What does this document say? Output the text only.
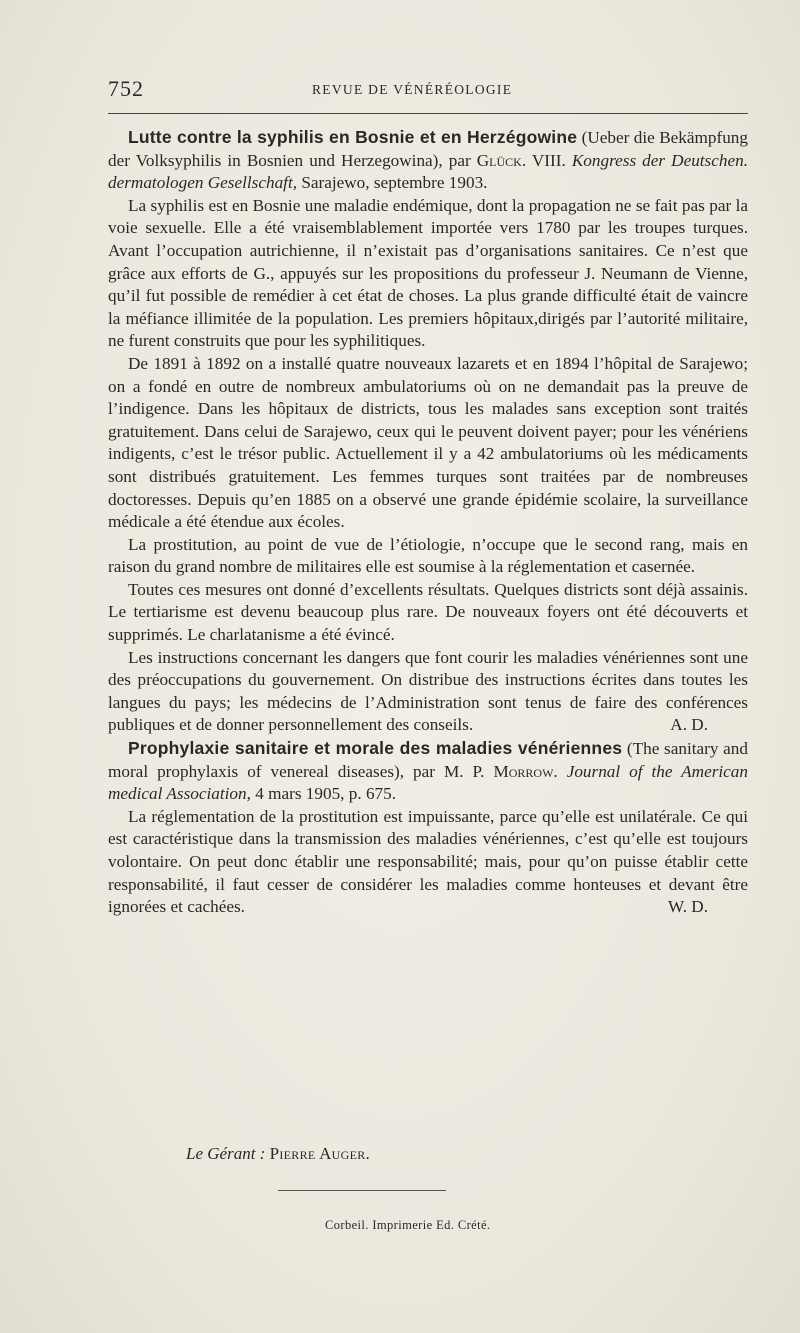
752	REVUE DE VÉNÉRÉOLOGIE

Lutte contre la syphilis en Bosnie et en Herzégowine (Ueber die Bekämpfung der Volksyphilis in Bosnien und Herzegowina), par Glück. VIII. Kongress der Deutschen. dermatologen Gesellschaft, Sarajewo, septembre 1903.

La syphilis est en Bosnie une maladie endémique, dont la propagation ne se fait pas par la voie sexuelle. Elle a été vraisemblablement importée vers 1780 par les troupes turques. Avant l’occupation autrichienne, il n’existait pas d’organisations sanitaires. Ce n’est que grâce aux efforts de G., appuyés sur les propositions du professeur J. Neumann de Vienne, qu’il fut possible de remédier à cet état de choses. La plus grande difficulté était de vaincre la méfiance illimitée de la population. Les premiers hôpitaux,dirigés par l’autorité militaire, ne furent construits que pour les syphilitiques.

De 1891 à 1892 on a installé quatre nouveaux lazarets et en 1894 l’hôpital de Sarajewo; on a fondé en outre de nombreux ambulatoriums où on ne demandait pas la preuve de l’indigence. Dans les hôpitaux de districts, tous les malades sans exception sont traités gratuitement. Dans celui de Sarajewo, ceux qui le peuvent doivent payer; pour les vénériens indigents, c’est le trésor public. Actuellement il y a 42 ambulatoriums où les médicaments sont distribués gratuitement. Les femmes turques sont traitées par de nombreuses doctoresses. Depuis qu’en 1885 on a observé une grande épidémie scolaire, la surveillance médicale a été étendue aux écoles.

La prostitution, au point de vue de l’étiologie, n’occupe que le second rang, mais en raison du grand nombre de militaires elle est soumise à la réglementation et casernée.

Toutes ces mesures ont donné d’excellents résultats. Quelques districts sont déjà assainis. Le tertiarisme est devenu beaucoup plus rare. De nouveaux foyers ont été découverts et supprimés. Le charlatanisme a été évincé.

Les instructions concernant les dangers que font courir les maladies vénériennes sont une des préoccupations du gouvernement. On distribue des instructions écrites dans toutes les langues du pays; les médecins de l’Administration sont tenus de faire des conférences publiques et de donner personnellement des conseils.	A. D.

Prophylaxie sanitaire et morale des maladies vénériennes (The sanitary and moral prophylaxis of venereal diseases), par M. P. Morrow. Journal of the American medical Association, 4 mars 1905, p. 675.

La réglementation de la prostitution est impuissante, parce qu’elle est unilatérale. Ce qui est caractéristique dans la transmission des maladies vénériennes, c’est qu’elle est toujours volontaire. On peut donc établir une responsabilité; mais, pour qu’on puisse établir cette responsabilité, il faut cesser de considérer les maladies comme honteuses et devant être ignorées et cachées.	W. D.

Le Gérant : Pierre Auger.
Corbeil. Imprimerie Ed. Crété.
